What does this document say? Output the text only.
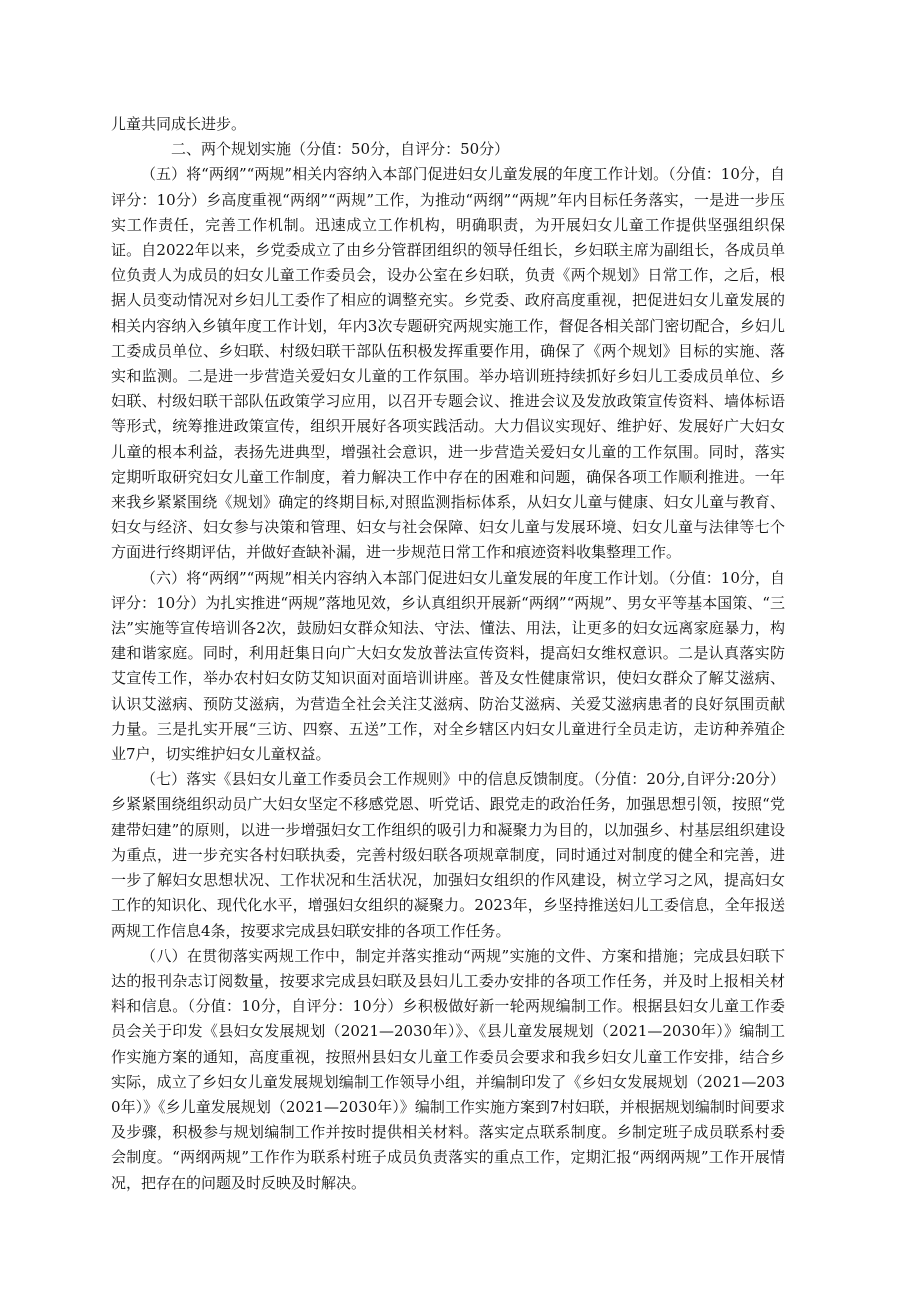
儿童共同成长进步。

二、两个规划实施（分值：50分，自评分：50分）

（五）将“两纲”“两规”相关内容纳入本部门促进妇女儿童发展的年度工作计划。（分值：10分，自评分：10分）乡高度重视“两纲”“两规”工作，为推动“两纲”“两规”年内目标任务落实，一是进一步压实工作责任，完善工作机制。迅速成立工作机构，明确职责，为开展妇女儿童工作提供坚强组织保证。自2022年以来，乡党委成立了由乡分管群团组织的领导任组长，乡妇联主席为副组长，各成员单位负责人为成员的妇女儿童工作委员会，设办公室在乡妇联，负责《两个规划》日常工作，之后，根据人员变动情况对乡妇儿工委作了相应的调整充实。乡党委、政府高度重视，把促进妇女儿童发展的相关内容纳入乡镇年度工作计划，年内3次专题研究两规实施工作，督促各相关部门密切配合，乡妇儿工委成员单位、乡妇联、村级妇联干部队伍积极发挥重要作用，确保了《两个规划》目标的实施、落实和监测。二是进一步营造关爱妇女儿童的工作氛围。举办培训班持续抓好乡妇儿工委成员单位、乡妇联、村级妇联干部队伍政策学习应用，以召开专题会议、推进会议及发放政策宣传资料、墙体标语等形式，统筹推进政策宣传，组织开展好各项实践活动。大力倡议实现好、维护好、发展好广大妇女儿童的根本利益，表扬先进典型，增强社会意识，进一步营造关爱妇女儿童的工作氛围。同时，落实定期听取研究妇女儿童工作制度，着力解决工作中存在的困难和问题，确保各项工作顺利推进。一年来我乡紧紧围绕《规划》确定的终期目标,对照监测指标体系，从妇女儿童与健康、妇女儿童与教育、妇女与经济、妇女参与决策和管理、妇女与社会保障、妇女儿童与发展环境、妇女儿童与法律等七个方面进行终期评估，并做好查缺补漏，进一步规范日常工作和痕迹资料收集整理工作。

（六）将“两纲”“两规”相关内容纳入本部门促进妇女儿童发展的年度工作计划。（分值：10分，自评分：10分）为扎实推进“两规”落地见效，乡认真组织开展新“两纲”“两规”、男女平等基本国策、“三法”实施等宣传培训各2次，鼓励妇女群众知法、守法、懂法、用法，让更多的妇女远离家庭暴力，构建和谐家庭。同时，利用赶集日向广大妇女发放普法宣传资料，提高妇女维权意识。二是认真落实防艾宣传工作，举办农村妇女防艾知识面对面培训讲座。普及女性健康常识，使妇女群众了解艾滋病、认识艾滋病、预防艾滋病，为营造全社会关注艾滋病、防治艾滋病、关爱艾滋病患者的良好氛围贡献力量。三是扎实开展“三访、四察、五送”工作，对全乡辖区内妇女儿童进行全员走访，走访种养殖企业7户，切实维护妇女儿童权益。

（七）落实《县妇女儿童工作委员会工作规则》中的信息反馈制度。（分值：20分,自评分:20分）乡紧紧围绕组织动员广大妇女坚定不移感党恩、听党话、跟党走的政治任务，加强思想引领，按照“党建带妇建”的原则，以进一步增强妇女工作组织的吸引力和凝聚力为目的，以加强乡、村基层组织建设为重点，进一步充实各村妇联执委，完善村级妇联各项规章制度，同时通过对制度的健全和完善，进一步了解妇女思想状况、工作状况和生活状况，加强妇女组织的作风建设，树立学习之风，提高妇女工作的知识化、现代化水平，增强妇女组织的凝聚力。2023年，乡坚持推送妇儿工委信息，全年报送两规工作信息4条，按要求完成县妇联安排的各项工作任务。

（八）在贯彻落实两规工作中，制定并落实推动“两规”实施的文件、方案和措施；完成县妇联下达的报刊杂志订阅数量，按要求完成县妇联及县妇儿工委办安排的各项工作任务，并及时上报相关材料和信息。（分值：10分，自评分：10分）乡积极做好新一轮两规编制工作。根据县妇女儿童工作委员会关于印发《县妇女发展规划（2021—2030年）》、《县儿童发展规划（2021—2030年）》编制工作实施方案的通知，高度重视，按照州县妇女儿童工作委员会要求和我乡妇女儿童工作安排，结合乡实际，成立了乡妇女儿童发展规划编制工作领导小组，并编制印发了《乡妇女发展规划（2021—2030年）》《乡儿童发展规划（2021—2030年）》编制工作实施方案到7村妇联，并根据规划编制时间要求及步骤，积极参与规划编制工作并按时提供相关材料。落实定点联系制度。乡制定班子成员联系村委会制度。“两纲两规”工作作为联系村班子成员负责落实的重点工作，定期汇报“两纲两规”工作开展情况，把存在的问题及时反映及时解决。
